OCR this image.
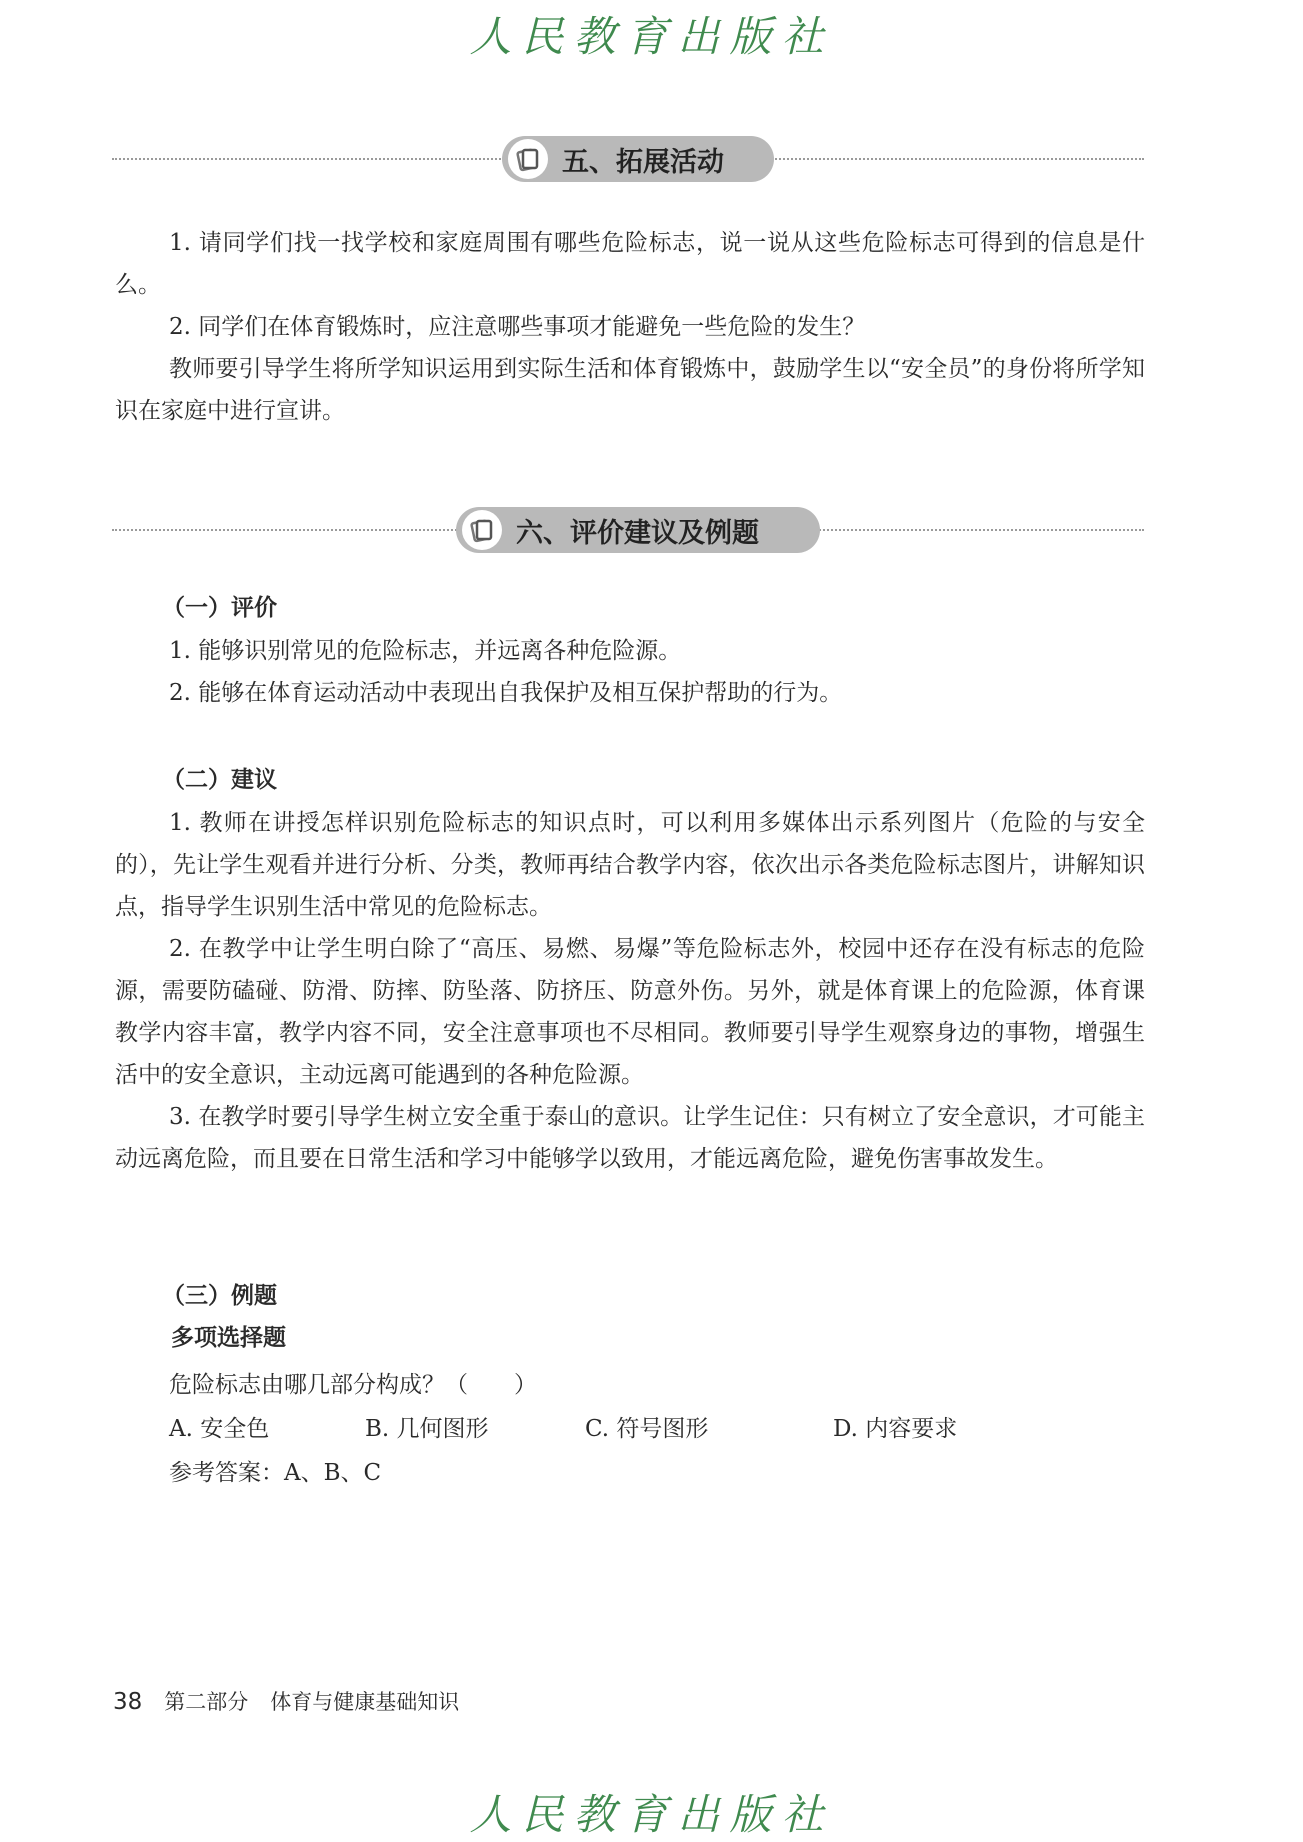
人民教育出版社
五、拓展活动

1. 请同学们找一找学校和家庭周围有哪些危险标志，说一说从这些危险标志可得到的信息是什么。

2. 同学们在体育锻炼时，应注意哪些事项才能避免一些危险的发生？

教师要引导学生将所学知识运用到实际生活和体育锻炼中，鼓励学生以“安全员”的身份将所学知识在家庭中进行宣讲。

六、评价建议及例题

（一）评价

1. 能够识别常见的危险标志，并远离各种危险源。

2. 能够在体育运动活动中表现出自我保护及相互保护帮助的行为。

（二）建议

1. 教师在讲授怎样识别危险标志的知识点时，可以利用多媒体出示系列图片（危险的与安全的），先让学生观看并进行分析、分类，教师再结合教学内容，依次出示各类危险标志图片，讲解知识点，指导学生识别生活中常见的危险标志。

2. 在教学中让学生明白除了“高压、易燃、易爆”等危险标志外，校园中还存在没有标志的危险源，需要防磕碰、防滑、防摔、防坠落、防挤压、防意外伤。另外，就是体育课上的危险源，体育课教学内容丰富，教学内容不同，安全注意事项也不尽相同。教师要引导学生观察身边的事物，增强生活中的安全意识，主动远离可能遇到的各种危险源。

3. 在教学时要引导学生树立安全重于泰山的意识。让学生记住：只有树立了安全意识，才可能主动远离危险，而且要在日常生活和学习中能够学以致用，才能远离危险，避免伤害事故发生。

（三）例题

多项选择题

危险标志由哪几部分构成？（　　）

A. 安全色	B. 几何图形	C. 符号图形	D. 内容要求

参考答案：A、B、C

38 第二部分 体育与健康基础知识
人民教育出版社
